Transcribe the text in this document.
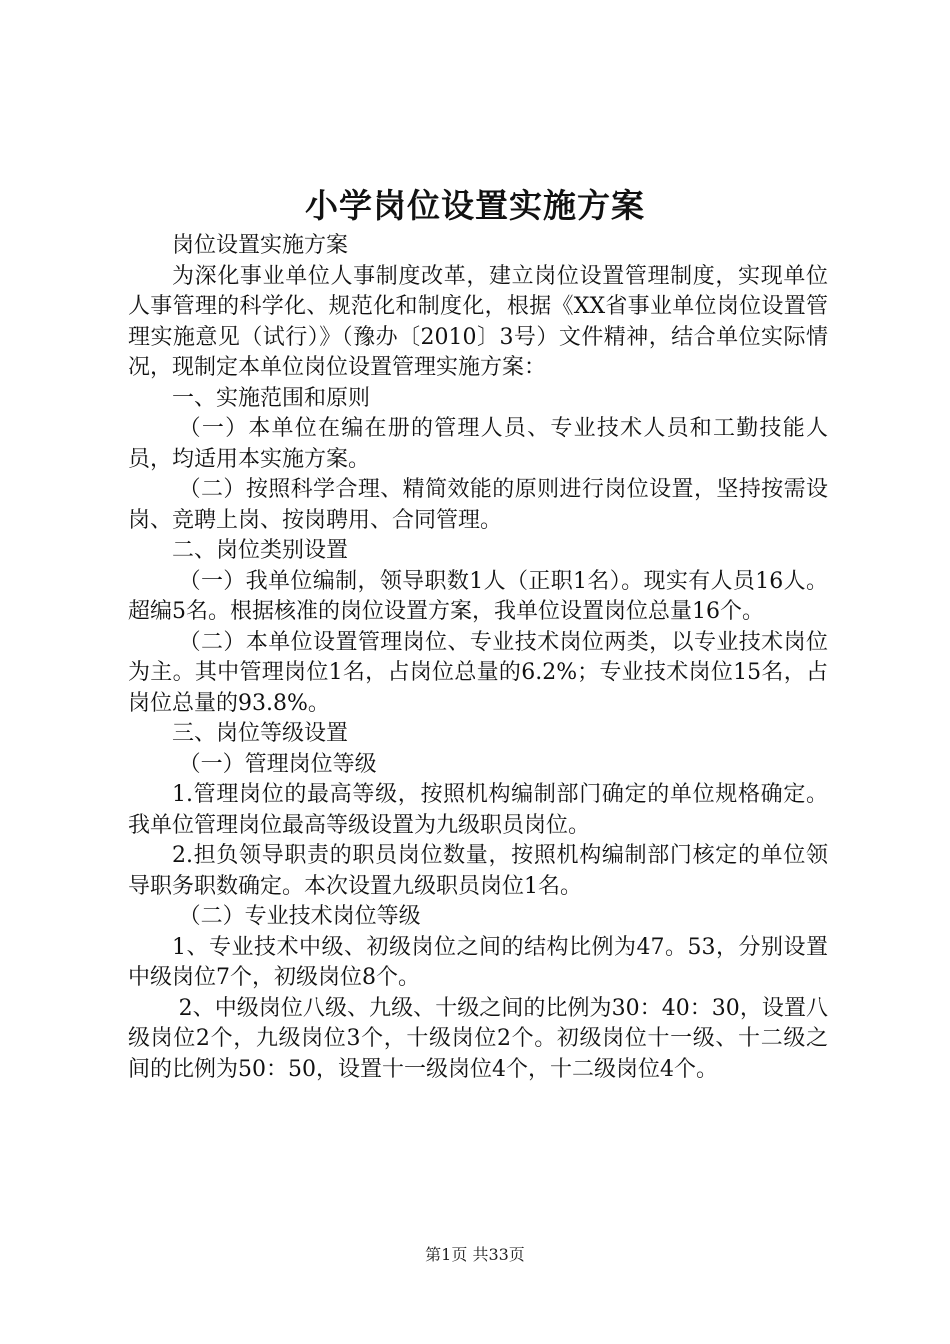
小学岗位设置实施方案

岗位设置实施方案

为深化事业单位人事制度改革，建立岗位设置管理制度，实现单位人事管理的科学化、规范化和制度化，根据《XX省事业单位岗位设置管理实施意见（试行）》（豫办〔2010〕3号）文件精神，结合单位实际情况，现制定本单位岗位设置管理实施方案：

一、实施范围和原则

（一）本单位在编在册的管理人员、专业技术人员和工勤技能人员，均适用本实施方案。

（二）按照科学合理、精简效能的原则进行岗位设置，坚持按需设岗、竞聘上岗、按岗聘用、合同管理。

二、岗位类别设置

（一）我单位编制，领导职数1人（正职1名）。现实有人员16人。超编5名。根据核准的岗位设置方案，我单位设置岗位总量16个。

（二）本单位设置管理岗位、专业技术岗位两类，以专业技术岗位为主。其中管理岗位1名，占岗位总量的6.2%；专业技术岗位15名，占岗位总量的93.8%。

三、岗位等级设置

（一）管理岗位等级

1.管理岗位的最高等级，按照机构编制部门确定的单位规格确定。我单位管理岗位最高等级设置为九级职员岗位。

2.担负领导职责的职员岗位数量，按照机构编制部门核定的单位领导职务职数确定。本次设置九级职员岗位1名。

（二）专业技术岗位等级

1、专业技术中级、初级岗位之间的结构比例为47。53，分别设置中级岗位7个，初级岗位8个。

2、中级岗位八级、九级、十级之间的比例为30：40：30，设置八级岗位2个，九级岗位3个，十级岗位2个。初级岗位十一级、十二级之间的比例为50：50，设置十一级岗位4个，十二级岗位4个。

第1页 共33页
